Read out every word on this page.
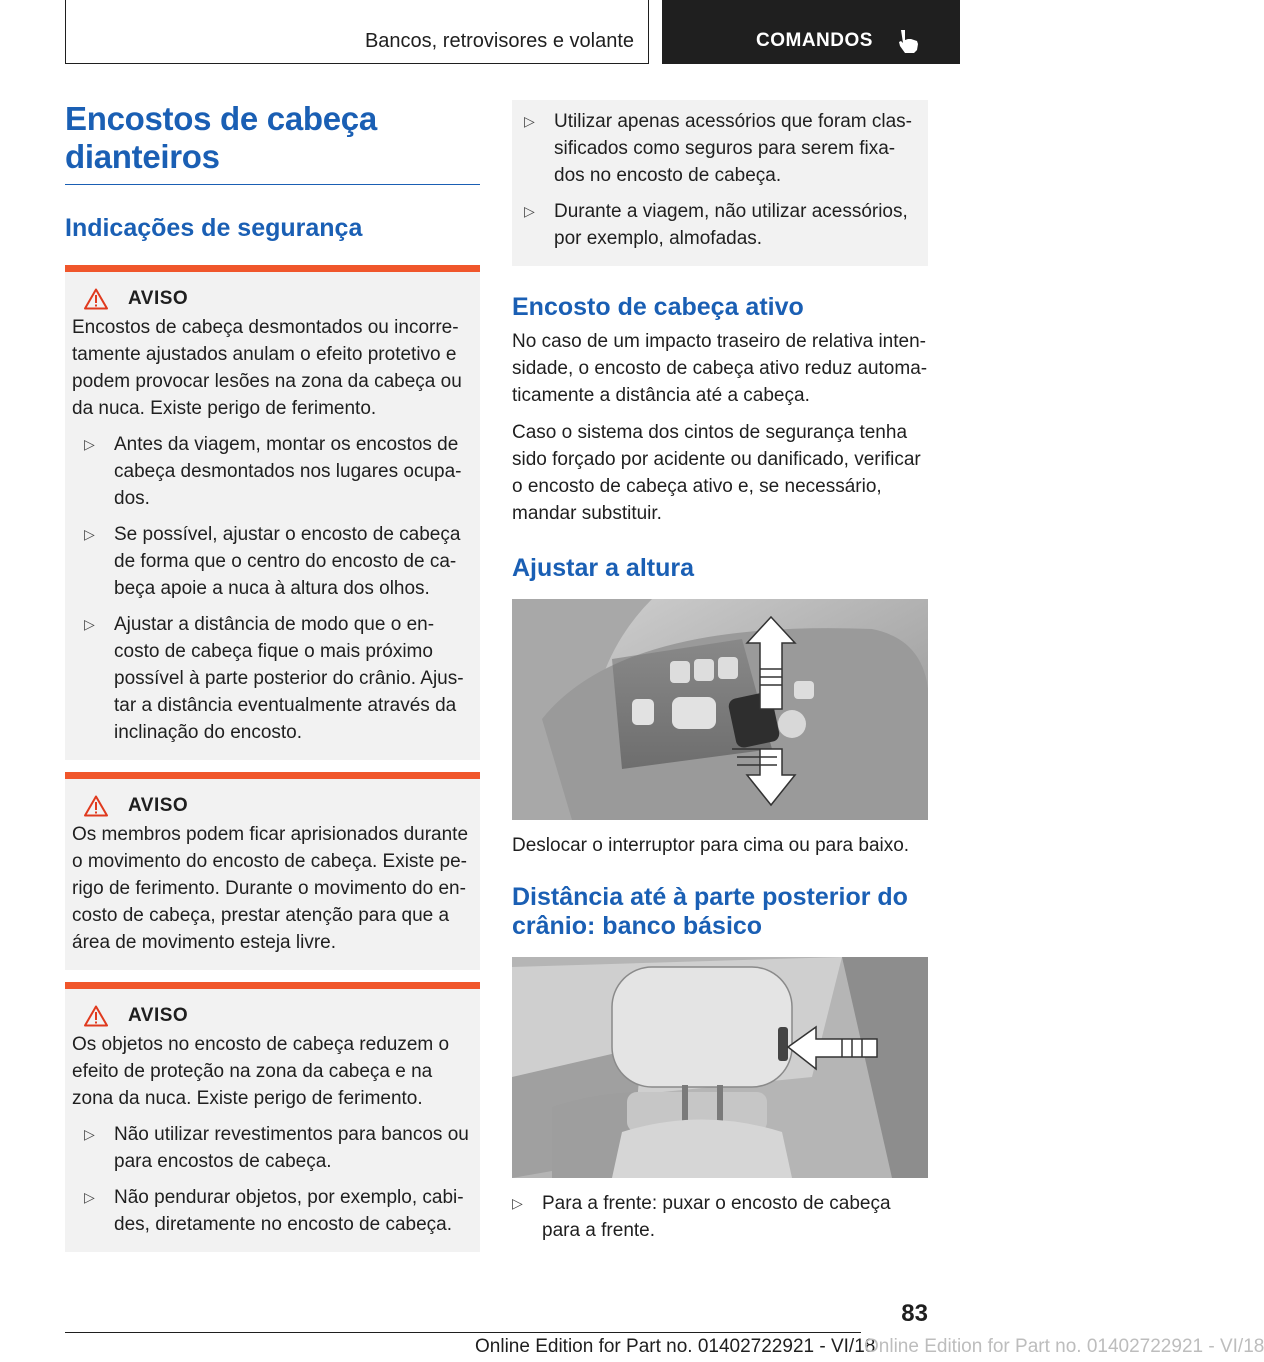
Bancos, retrovisores e volante	COMANDOS
Encostos de cabeça
dianteiros
Indicações de segurança
AVISO

Encostos de cabeça desmontados ou incorre-tamente ajustados anulam o efeito protetivo e podem provocar lesões na zona da cabeça ou da nuca. Existe perigo de ferimento.

▷	Antes da viagem, montar os encostos de cabeça desmontados nos lugares ocupa-dos.
▷	Se possível, ajustar o encosto de cabeça de forma que o centro do encosto de ca-beça apoie a nuca à altura dos olhos.
▷	Ajustar a distância de modo que o en-costo de cabeça fique o mais próximo possível à parte posterior do crânio. Ajus-tar a distância eventualmente através da inclinação do encosto.
AVISO

Os membros podem ficar aprisionados durante o movimento do encosto de cabeça. Existe pe-rigo de ferimento. Durante o movimento do en-costo de cabeça, prestar atenção para que a área de movimento esteja livre.

AVISO

Os objetos no encosto de cabeça reduzem o efeito de proteção na zona da cabeça e na zona da nuca. Existe perigo de ferimento.

▷	Não utilizar revestimentos para bancos ou para encostos de cabeça.
▷	Não pendurar objetos, por exemplo, cabi-des, diretamente no encosto de cabeça.
▷	Utilizar apenas acessórios que foram clas-sificados como seguros para serem fixa-dos no encosto de cabeça.
▷	Durante a viagem, não utilizar acessórios, por exemplo, almofadas.
Encosto de cabeça ativo

No caso de um impacto traseiro de relativa inten-sidade, o encosto de cabeça ativo reduz automa-ticamente a distância até a cabeça.

Caso o sistema dos cintos de segurança tenha sido forçado por acidente ou danificado, verificar o encosto de cabeça ativo e, se necessário, mandar substituir.

Ajustar a altura

Deslocar o interruptor para cima ou para baixo.

Distância até à parte posterior do
crânio: banco básico
▷	Para a frente: puxar o encosto de cabeça para a frente.
83
Online Edition for Part no. 01402722921 - VI/18
Online Edition for Part no. 01402722921 - VI/18
